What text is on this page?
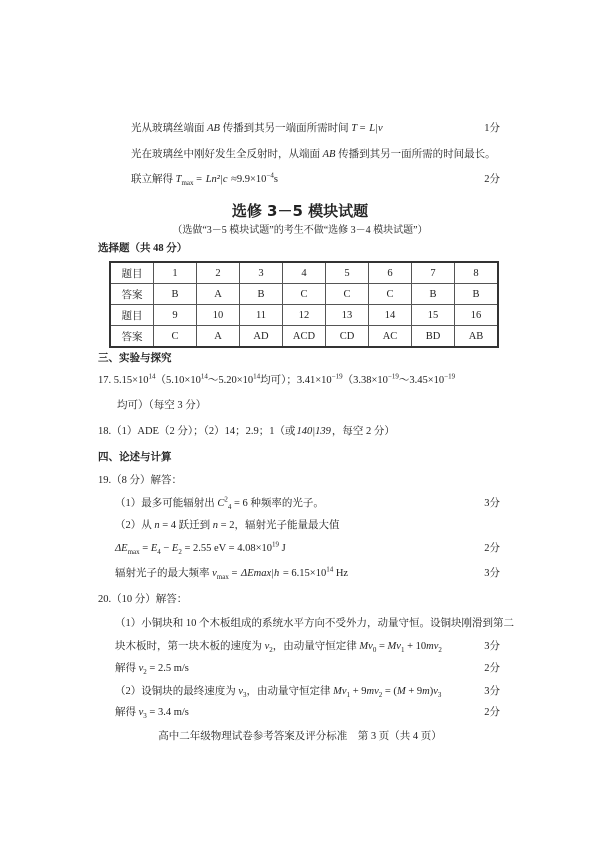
选修 3－5 模块试题
（选做“3－5 模块试题”的考生不做“选修 3－4 模块试题”）
选择题（共 48 分）
题目	1	2	3	4	5	6	7	8
答案	B	A	B	C	C	C	B	B
题目	9	10	11	12	13	14	15	16
答案	C	A	AD	ACD	CD	AC	BD	AB
高中二年级物理试卷参考答案及评分标准　第 3 页（共 4 页）
光从玻璃丝端面 AB 传播到其另一端面所需时间 T = L|v	1分
光在玻璃丝中刚好发生全反射时，从端面 AB 传播到其另一面所需的时间最长。
联立解得 $T_{max} = Ln^2|c \approx 9.9\times 10^{-4}s$	2分
三、实验与探究
17. $5.15\times 10^{14}(5.10\times 10^{14}\sim 5.20\times 10^{14}$均可）；$3.41\times 10^{-19}(3.38\times 10^{-19}\sim 3.45\times 10^{-19}$
均可）（每空 3 分）
18.（1）ADE（2 分）；（2）14；2.9；1（或140|139，每空 2 分）
四、论述与计算
19.（8 分）解答：
（1）最多可能辐射出 $C^2_4 = 6$ 种频率的光子。	3分
（2）从 n = 4 跃迁到 n = 2，辐射光子能量最大值
$\Delta E_{max} = E_4 - E_2 = 2.55$ eV = $4.08\times 10^{19}$ J	2分
辐射光子的最大频率 $\nu_{max} = \Delta Emax|h = 6.15\times 10^{14}$ Hz	3分
20.（10 分）解答：
（1）小铜块和 10 个木板组成的系统水平方向不受外力，动量守恒。设铜块刚滑到第二
块木板时，第一块木板的速度为 $v_2$，由动量守恒定律 $Mv_0 = Mv_1 + 10mv_2$	3分
解得 $v_2 = 2.5$ m/s	2分
（2）设铜块的最终速度为 $v_3$，由动量守恒定律 $Mv_1 + 9mv_2 = (M + 9m)v_3$	3分
解得 $v_3 = 3.4$ m/s	2分
